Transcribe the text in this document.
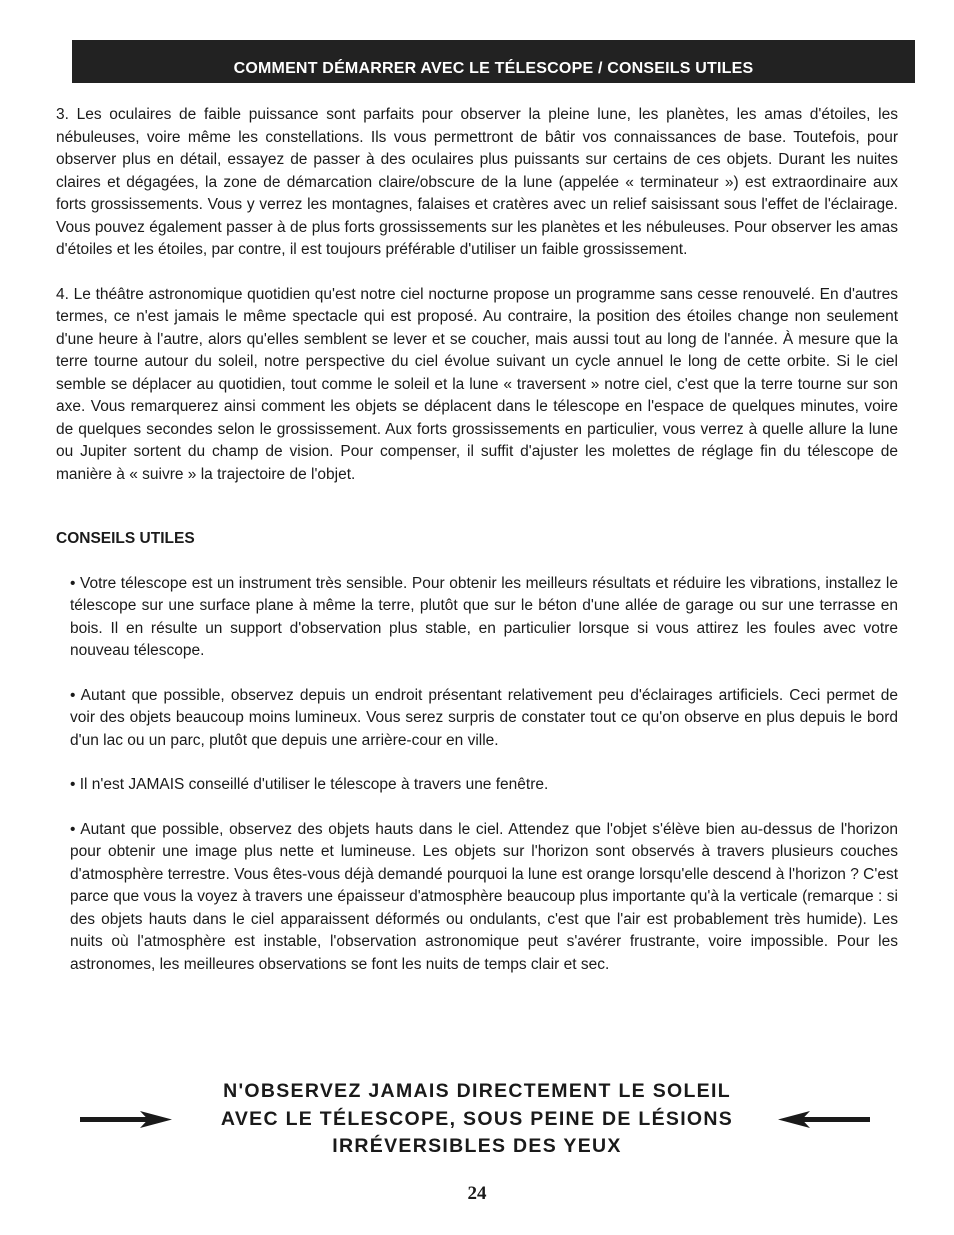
COMMENT DÉMARRER AVEC LE TÉLESCOPE / CONSEILS UTILES

3. Les oculaires de faible puissance sont parfaits pour observer la pleine lune, les planètes, les amas d'étoiles, les nébuleuses, voire même les constellations. Ils vous permettront de bâtir vos connaissances de base. Toutefois, pour observer plus en détail, essayez de passer à des oculaires plus puissants sur certains de ces objets. Durant les nuites claires et dégagées, la zone de démarcation claire/obscure de la lune (appelée « terminateur ») est extraordinaire aux forts grossissements. Vous y verrez les montagnes, falaises et cratères avec un relief saisissant sous l'effet de l'éclairage. Vous pouvez également passer à de plus forts grossissements sur les planètes et les nébuleuses. Pour observer les amas d'étoiles et les étoiles, par contre, il est toujours préférable d'utiliser un faible grossissement.

4. Le théâtre astronomique quotidien qu'est notre ciel nocturne propose un programme sans cesse renouvelé. En d'autres termes, ce n'est jamais le même spectacle qui est proposé. Au contraire, la position des étoiles change non seulement d'une heure à l'autre, alors qu'elles semblent se lever et se coucher, mais aussi tout au long de l'année. À mesure que la terre tourne autour du soleil, notre perspective du ciel évolue suivant un cycle annuel le long de cette orbite. Si le ciel semble se déplacer au quotidien, tout comme le soleil et la lune « traversent » notre ciel, c'est que la terre tourne sur son axe. Vous remarquerez ainsi comment les objets se déplacent dans le télescope en l'espace de quelques minutes, voire de quelques secondes selon le grossissement. Aux forts grossissements en particulier, vous verrez à quelle allure la lune ou Jupiter sortent du champ de vision. Pour compenser, il suffit d'ajuster les molettes de réglage fin du télescope de manière à « suivre » la trajectoire de l'objet.

CONSEILS UTILES

• Votre télescope est un instrument très sensible. Pour obtenir les meilleurs résultats et réduire les vibrations, installez le télescope sur une surface plane à même la terre, plutôt que sur le béton d'une allée de garage ou sur une terrasse en bois. Il en résulte un support d'observation plus stable, en particulier lorsque si vous attirez les foules avec votre nouveau télescope.

• Autant que possible, observez depuis un endroit présentant relativement peu d'éclairages artificiels. Ceci permet de voir des objets beaucoup moins lumineux. Vous serez surpris de constater tout ce qu'on observe en plus depuis le bord d'un lac ou un parc, plutôt que depuis une arrière-cour en ville.

• Il n'est JAMAIS conseillé d'utiliser le télescope à travers une fenêtre.

• Autant que possible, observez des objets hauts dans le ciel. Attendez que l'objet s'élève bien au-dessus de l'horizon pour obtenir une image plus nette et lumineuse. Les objets sur l'horizon sont observés à travers plusieurs couches d'atmosphère terrestre. Vous êtes-vous déjà demandé pourquoi la lune est orange lorsqu'elle descend à l'horizon ? C'est parce que vous la voyez à travers une épaisseur d'atmosphère beaucoup plus importante qu'à la verticale (remarque : si des objets hauts dans le ciel apparaissent déformés ou ondulants, c'est que l'air est probablement très humide). Les nuits où l'atmosphère est instable, l'observation astronomique peut s'avérer frustrante, voire impossible. Pour les astronomes, les meilleures observations se font les nuits de temps clair et sec.

N'OBSERVEZ JAMAIS DIRECTEMENT LE SOLEIL
AVEC LE TÉLESCOPE, SOUS PEINE DE LÉSIONS
IRRÉVERSIBLES DES YEUX
24
